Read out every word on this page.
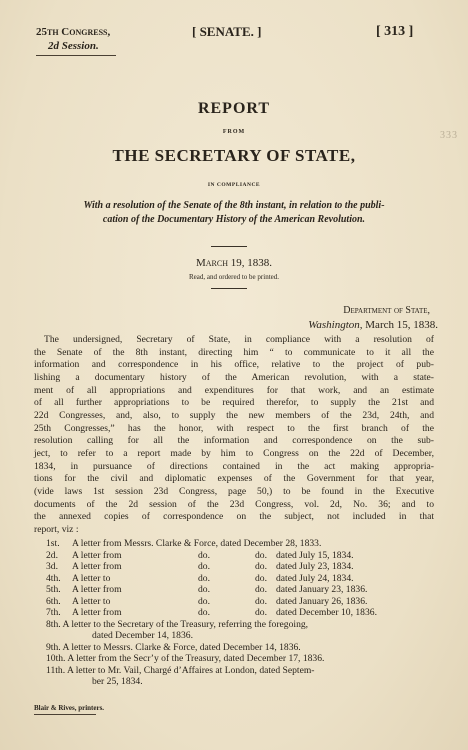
25th Congress,
2d Session.
[ SENATE. ]	[ 313 ]
333
REPORT
FROM
THE SECRETARY OF STATE,
IN COMPLIANCE
With a resolution of the Senate of the 8th instant, in relation to the publi-
cation of the Documentary History of the American Revolution.
March 19, 1838.
Read, and ordered to be printed.
Department of State,
Washington, March 15, 1838.
The undersigned, Secretary of State, in compliance with a resolution of
the Senate of the 8th instant, directing him “ to communicate to it all the
information and correspondence in his office, relative to the project of pub-
lishing a documentary history of the American revolution, with a state-
ment of all appropriations and expenditures for that work, and an estimate
of all further appropriations to be required therefor, to supply the 21st and
22d Congresses, and, also, to supply the new members of the 23d, 24th, and
25th Congresses,” has the honor, with respect to the first branch of the
resolution calling for all the information and correspondence on the sub-
ject, to refer to a report made by him to Congress on the 22d of December,
1834, in pursuance of directions contained in the act making appropria-
tions for the civil and diplomatic expenses of the Government for that year,
(vide laws 1st session 23d Congress, page 50,) to be found in the Executive
documents of the 2d session of the 23d Congress, vol. 2d, No. 36; and to
the annexed copies of correspondence on the subject, not included in that
report, viz :
1st. A letter from Messrs. Clarke & Force, dated December 28, 1833.
2d. A letter from	do.	do. dated July 15, 1834.
3d. A letter from	do.	do. dated July 23, 1834.
4th. A letter to	do.	do. dated July 24, 1834.
5th. A letter from	do.	do. dated January 23, 1836.
6th. A letter to	do.	do. dated January 26, 1836.
7th. A letter from	do.	do. dated December 10, 1836.
8th. A letter to the Secretary of the Treasury, referring the foregoing,
dated December 14, 1836.
9th. A letter to Messrs. Clarke & Force, dated December 14, 1836.
10th. A letter from the Secr’y of the Treasury, dated December 17, 1836.
11th. A letter to Mr. Vail, Chargé d’Affaires at London, dated Septem-
ber 25, 1834.
Blair & Rives, printers.
